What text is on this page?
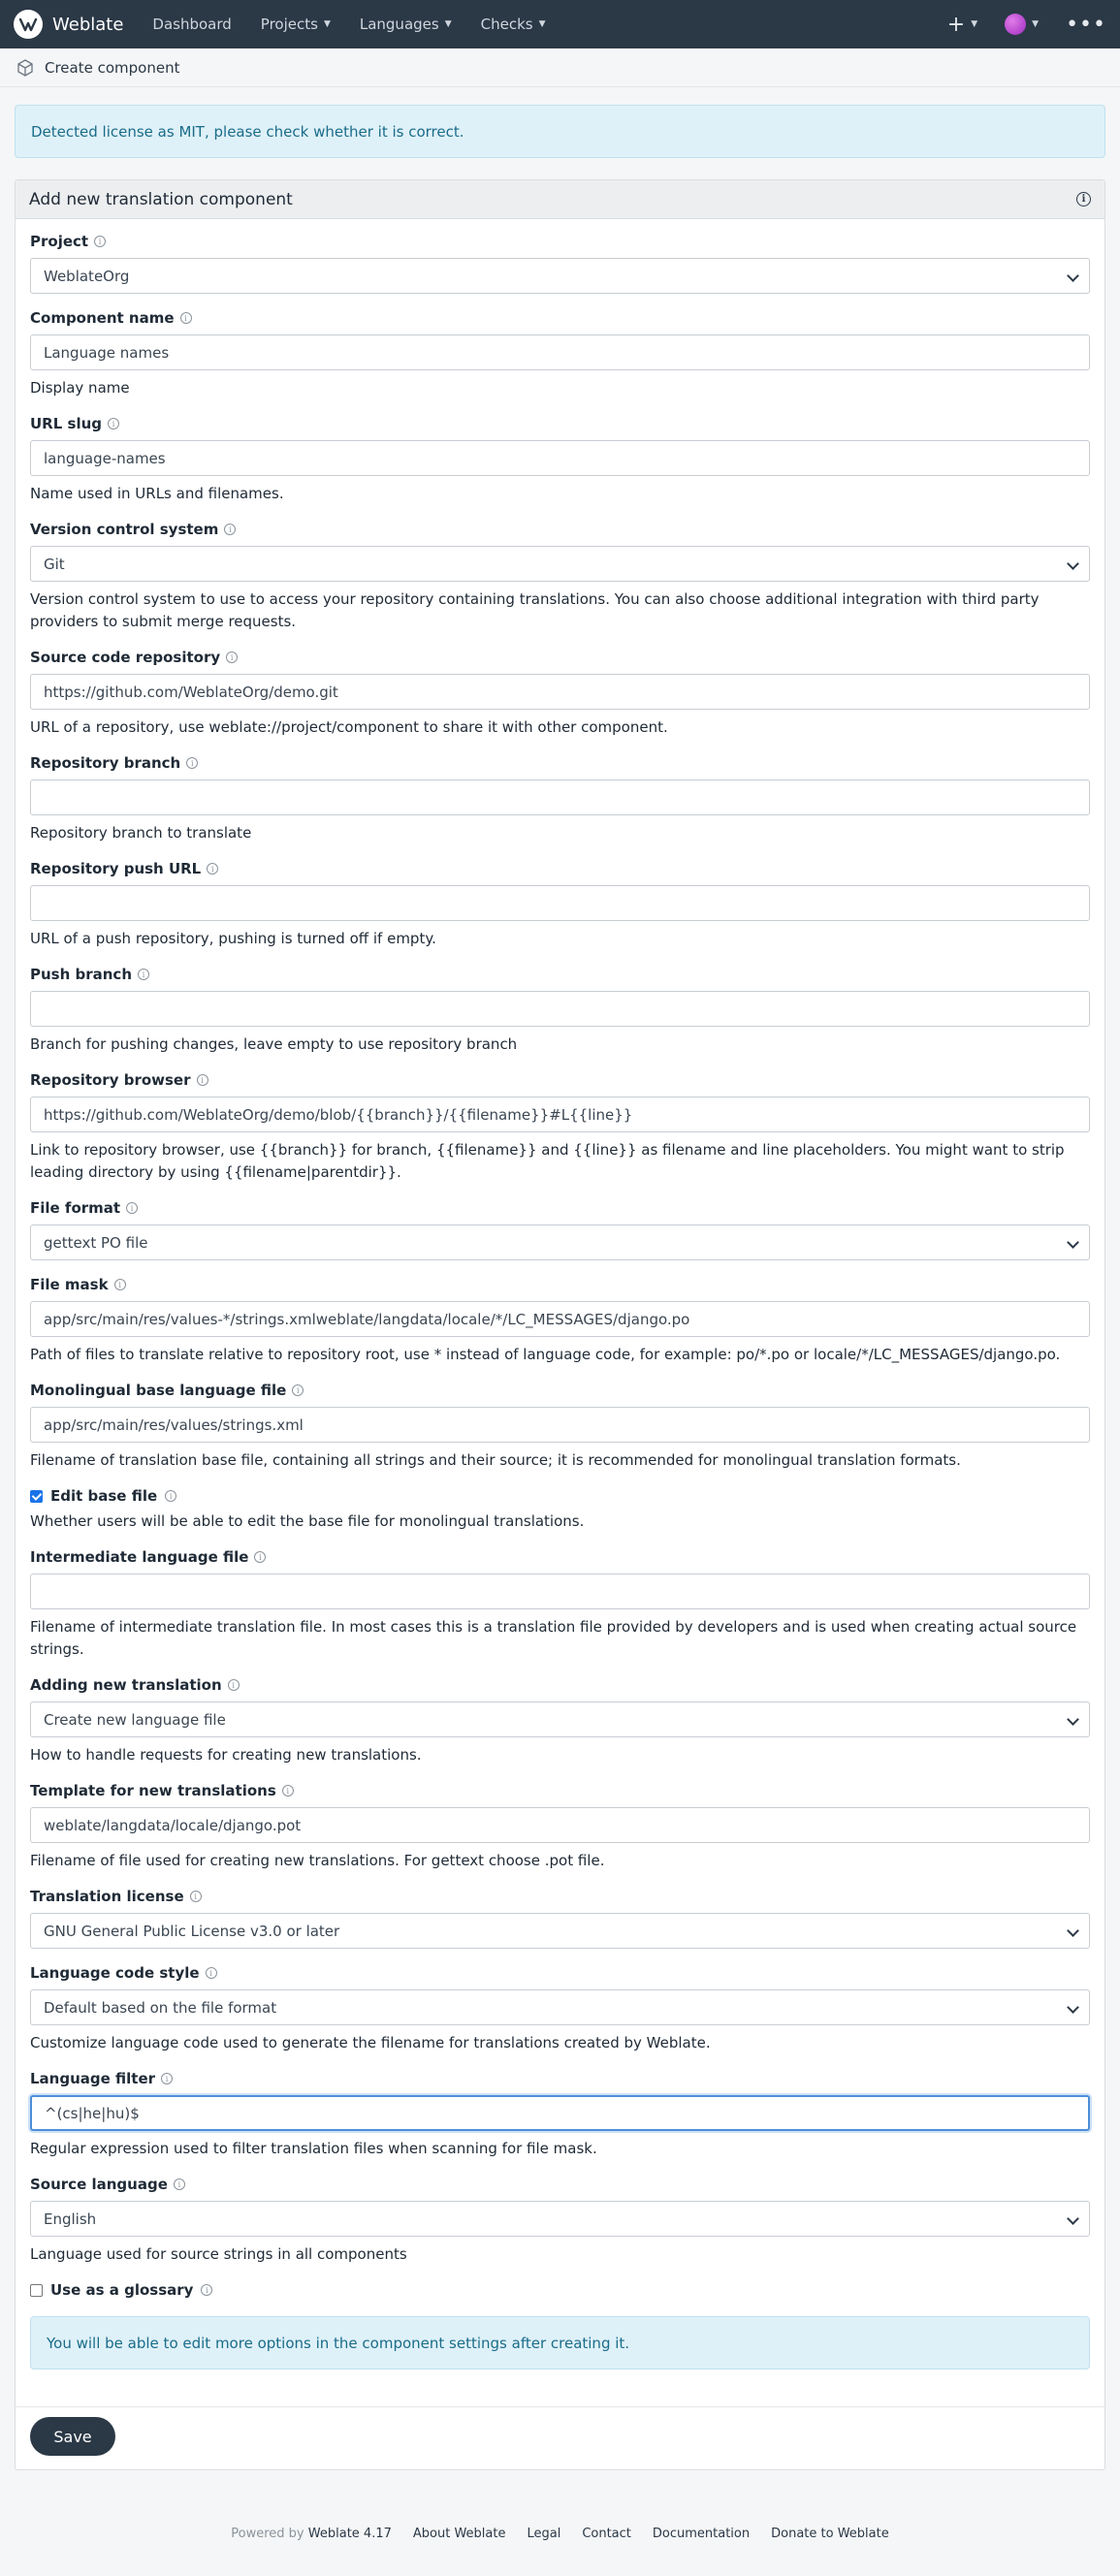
Weblate Dashboard Projects ▼ Languages ▼ Checks ▼	+ ▼	▼ •••
Create component
Detected license as MIT, please check whether it is correct.
Add new translation component	i
Project	i
WeblateOrg
Component name	i
Language names
Display name
URL slug	i
language-names
Name used in URLs and filenames.
Version control system	i
Git
Version control system to use to access your repository containing translations. You can also choose additional integration with third party providers to submit merge requests.
Source code repository	i
https://github.com/WeblateOrg/demo.git
URL of a repository, use weblate://project/component to share it with other component.
Repository branch	i
Repository branch to translate
Repository push URL	i
URL of a push repository, pushing is turned off if empty.
Push branch	i
Branch for pushing changes, leave empty to use repository branch
Repository browser	i
https://github.com/WeblateOrg/demo/blob/{{branch}}/{{filename}}#L{{line}}
Link to repository browser, use {{branch}} for branch, {{filename}} and {{line}} as filename and line placeholders. You might want to strip leading directory by using {{filename|parentdir}}.
File format	i
gettext PO file
File mask	i
app/src/main/res/values-*/strings.xmlweblate/langdata/locale/*/LC_MESSAGES/django.po
Path of files to translate relative to repository root, use * instead of language code, for example: po/*.po or locale/*/LC_MESSAGES/django.po.
Monolingual base language file	i
app/src/main/res/values/strings.xml
Filename of translation base file, containing all strings and their source; it is recommended for monolingual translation formats.
Edit base file	i
Whether users will be able to edit the base file for monolingual translations.
Intermediate language file	i
Filename of intermediate translation file. In most cases this is a translation file provided by developers and is used when creating actual source strings.
Adding new translation	i
Create new language file
How to handle requests for creating new translations.
Template for new translations	i
weblate/langdata/locale/django.pot
Filename of file used for creating new translations. For gettext choose .pot file.
Translation license	i
GNU General Public License v3.0 or later
Language code style	i
Default based on the file format
Customize language code used to generate the filename for translations created by Weblate.
Language filter	i
^(cs|he|hu)$
Regular expression used to filter translation files when scanning for file mask.
Source language	i
English
Language used for source strings in all components
Use as a glossary	i
You will be able to edit more options in the component settings after creating it.
Save
Powered by Weblate 4.17 About Weblate Legal Contact Documentation Donate to Weblate
